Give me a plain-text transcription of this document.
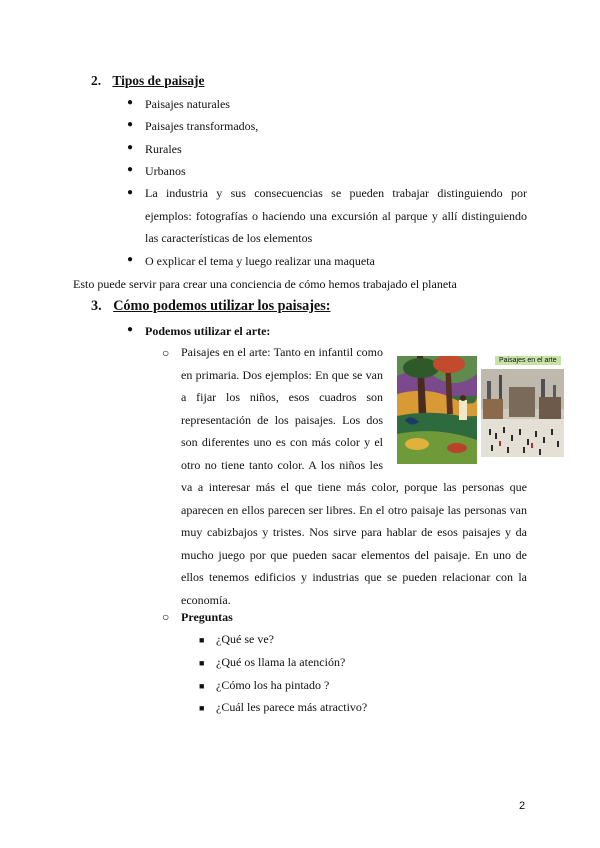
2. Tipos de paisaje
● Paisajes naturales
● Paisajes transformados,
● Rurales
● Urbanos
● La industria y sus consecuencias se pueden trabajar distinguiendo por
ejemplos: fotografías o haciendo una excursión al parque y allí distinguiendo
las características de los elementos
● O explicar el tema y luego realizar una maqueta
Esto puede servir para crear una conciencia de cómo hemos trabajado el planeta
3. Cómo podemos utilizar los paisajes:
● Podemos utilizar el arte:
○ Paisajes en el arte: Tanto en infantil como
en primaria. Dos ejemplos: En que se van
a fijar los niños, esos cuadros son
representación de los paisajes. Los dos
son diferentes uno es con más color y el
otro no tiene tanto color. A los niños les
va a interesar más el que tiene más color, porque las personas que
aparecen en ellos parecen ser libres. En el otro paisaje las personas van
muy cabizbajos y tristes. Nos sirve para hablar de esos paisajes y da
mucho juego por que pueden sacar elementos del paisaje. En uno de
ellos tenemos edificios y industrias que se pueden relacionar con la
economía.
Paisajes en el arte
○ Preguntas
■ ¿Qué se ve?
■ ¿Qué os llama la atención?
■ ¿Cómo los ha pintado ?
■ ¿Cuál les parece más atractivo?
2
